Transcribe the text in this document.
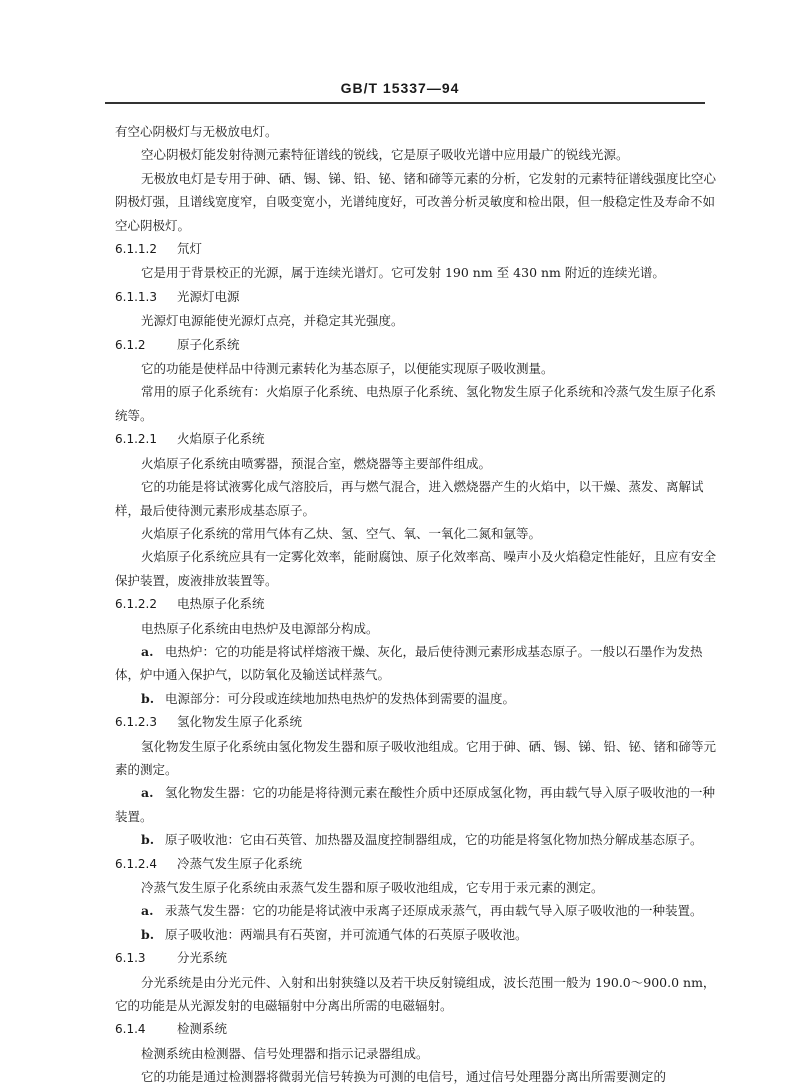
GB/T 15337—94
有空心阴极灯与无极放电灯。
空心阴极灯能发射待测元素特征谱线的锐线，它是原子吸收光谱中应用最广的锐线光源。
无极放电灯是专用于砷、硒、锡、锑、铅、铋、锗和碲等元素的分析，它发射的元素特征谱线强度比空心阴极灯强，且谱线宽度窄，自吸变宽小，光谱纯度好，可改善分析灵敏度和检出限，但一般稳定性及寿命不如空心阴极灯。
6.1.1.2 氘灯
它是用于背景校正的光源，属于连续光谱灯。它可发射 190 nm 至 430 nm 附近的连续光谱。
6.1.1.3 光源灯电源
光源灯电源能使光源灯点亮，并稳定其光强度。
6.1.2	原子化系统
它的功能是使样品中待测元素转化为基态原子，以便能实现原子吸收测量。
常用的原子化系统有：火焰原子化系统、电热原子化系统、氢化物发生原子化系统和冷蒸气发生原子化系统等。
6.1.2.1 火焰原子化系统
火焰原子化系统由喷雾器，预混合室，燃烧器等主要部件组成。
它的功能是将试液雾化成气溶胶后，再与燃气混合，进入燃烧器产生的火焰中，以干燥、蒸发、离解试样，最后使待测元素形成基态原子。
火焰原子化系统的常用气体有乙炔、氢、空气、氧、一氧化二氮和氩等。
火焰原子化系统应具有一定雾化效率，能耐腐蚀、原子化效率高、噪声小及火焰稳定性能好，且应有安全保护装置，废液排放装置等。
6.1.2.2 电热原子化系统
电热原子化系统由电热炉及电源部分构成。
a. 电热炉：它的功能是将试样熔液干燥、灰化，最后使待测元素形成基态原子。一般以石墨作为发热体，炉中通入保护气，以防氧化及输送试样蒸气。
b. 电源部分：可分段或连续地加热电热炉的发热体到需要的温度。
6.1.2.3 氢化物发生原子化系统
氢化物发生原子化系统由氢化物发生器和原子吸收池组成。它用于砷、硒、锡、锑、铅、铋、锗和碲等元素的测定。
a. 氢化物发生器：它的功能是将待测元素在酸性介质中还原成氢化物，再由载气导入原子吸收池的一种装置。
b. 原子吸收池：它由石英管、加热器及温度控制器组成，它的功能是将氢化物加热分解成基态原子。
6.1.2.4 冷蒸气发生原子化系统
冷蒸气发生原子化系统由汞蒸气发生器和原子吸收池组成，它专用于汞元素的测定。
a. 汞蒸气发生器：它的功能是将试液中汞离子还原成汞蒸气，再由载气导入原子吸收池的一种装置。
b. 原子吸收池：两端具有石英窗，并可流通气体的石英原子吸收池。
6.1.3	分光系统
分光系统是由分光元件、入射和出射狭缝以及若干块反射镜组成，波长范围一般为 190.0～900.0 nm，它的功能是从光源发射的电磁辐射中分离出所需的电磁辐射。
6.1.4	检测系统
检测系统由检测器、信号处理器和指示记录器组成。
它的功能是通过检测器将微弱光信号转换为可测的电信号，通过信号处理器分离出所需要测定的
